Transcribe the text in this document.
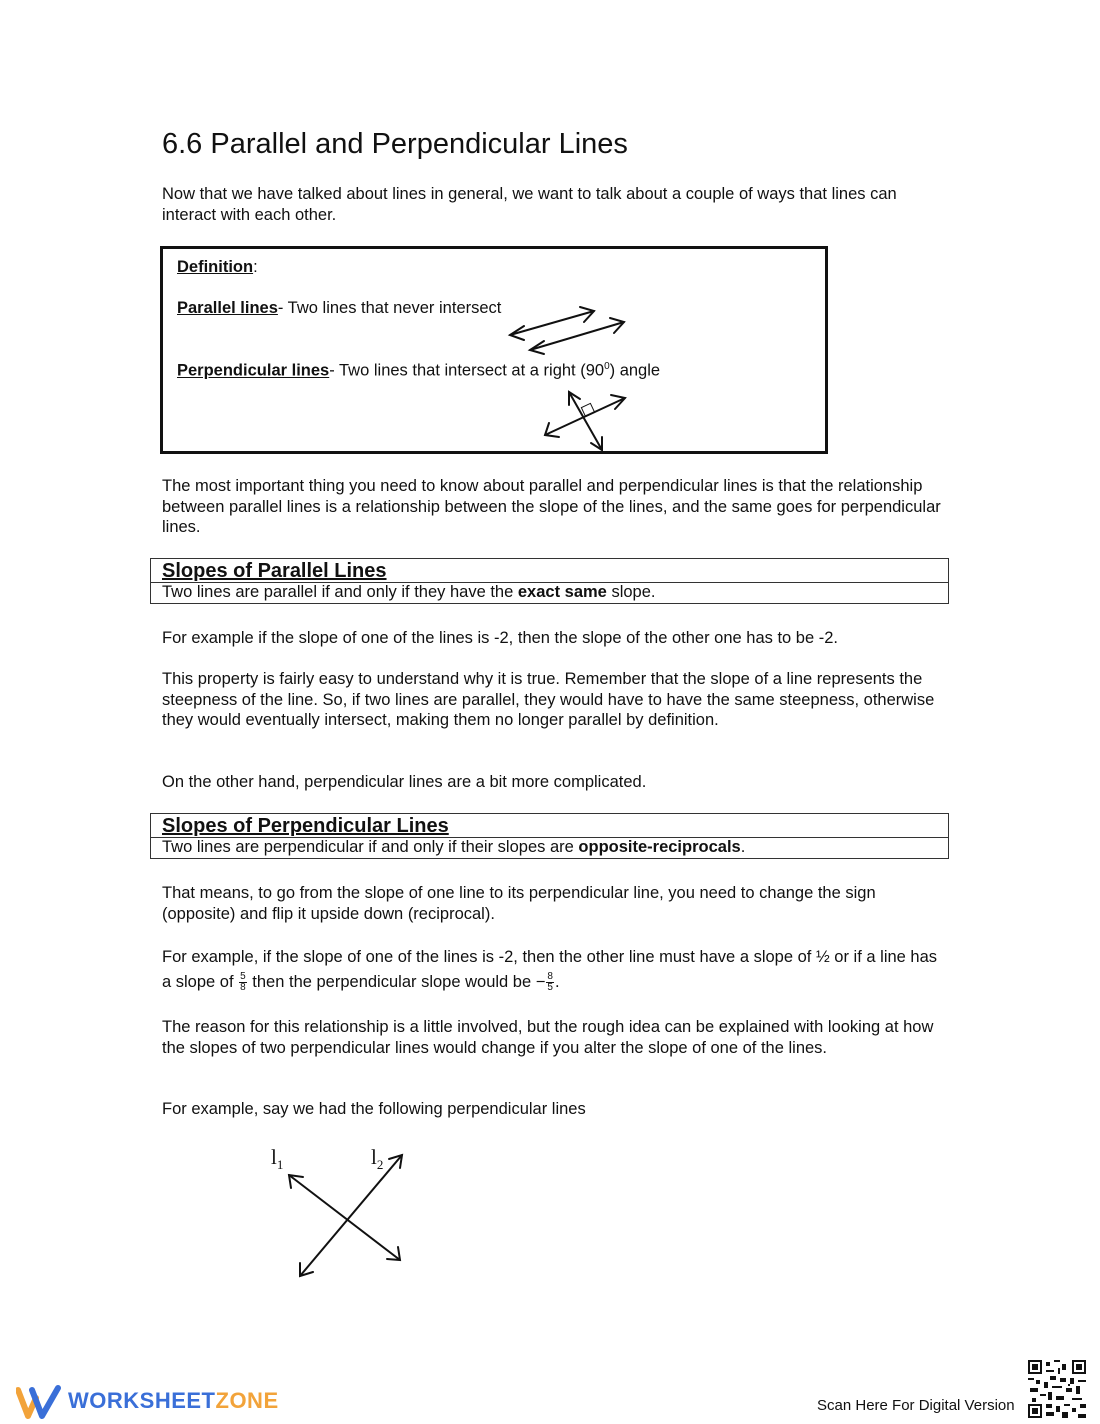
6.6 Parallel and Perpendicular Lines

Now that we have talked about lines in general, we want to talk about a couple of ways that lines can interact with each other.

Definition:
Parallel lines- Two lines that never intersect
Perpendicular lines- Two lines that intersect at a right $(90^0)$ angle

The most important thing you need to know about parallel and perpendicular lines is that the relationship between parallel lines is a relationship between the slope of the lines, and the same goes for perpendicular lines.

Slopes of Parallel Lines
Two lines are parallel if and only if they have the exact same slope.

For example if the slope of one of the lines is -2, then the slope of the other one has to be -2.

This property is fairly easy to understand why it is true. Remember that the slope of a line represents the steepness of the line. So, if two lines are parallel, they would have to have the same steepness, otherwise they would eventually intersect, making them no longer parallel by definition.

On the other hand, perpendicular lines are a bit more complicated.

Slopes of Perpendicular Lines
Two lines are perpendicular if and only if their slopes are opposite-reciprocals.

That means, to go from the slope of one line to its perpendicular line, you need to change the sign (opposite) and flip it upside down (reciprocal).

For example, if the slope of one of the lines is -2, then the other line must have a slope of ½ or if a line has a slope of $\frac{5}{8}$ then the perpendicular slope would be − $\frac{8}{5}$ .

The reason for this relationship is a little involved, but the rough idea can be explained with looking at how the slopes of two perpendicular lines would change if you alter the slope of one of the lines.

For example, say we had the following perpendicular lines

$l_1$	$l_2$
WORKSHEETZONE	Scan Here For Digital Version
